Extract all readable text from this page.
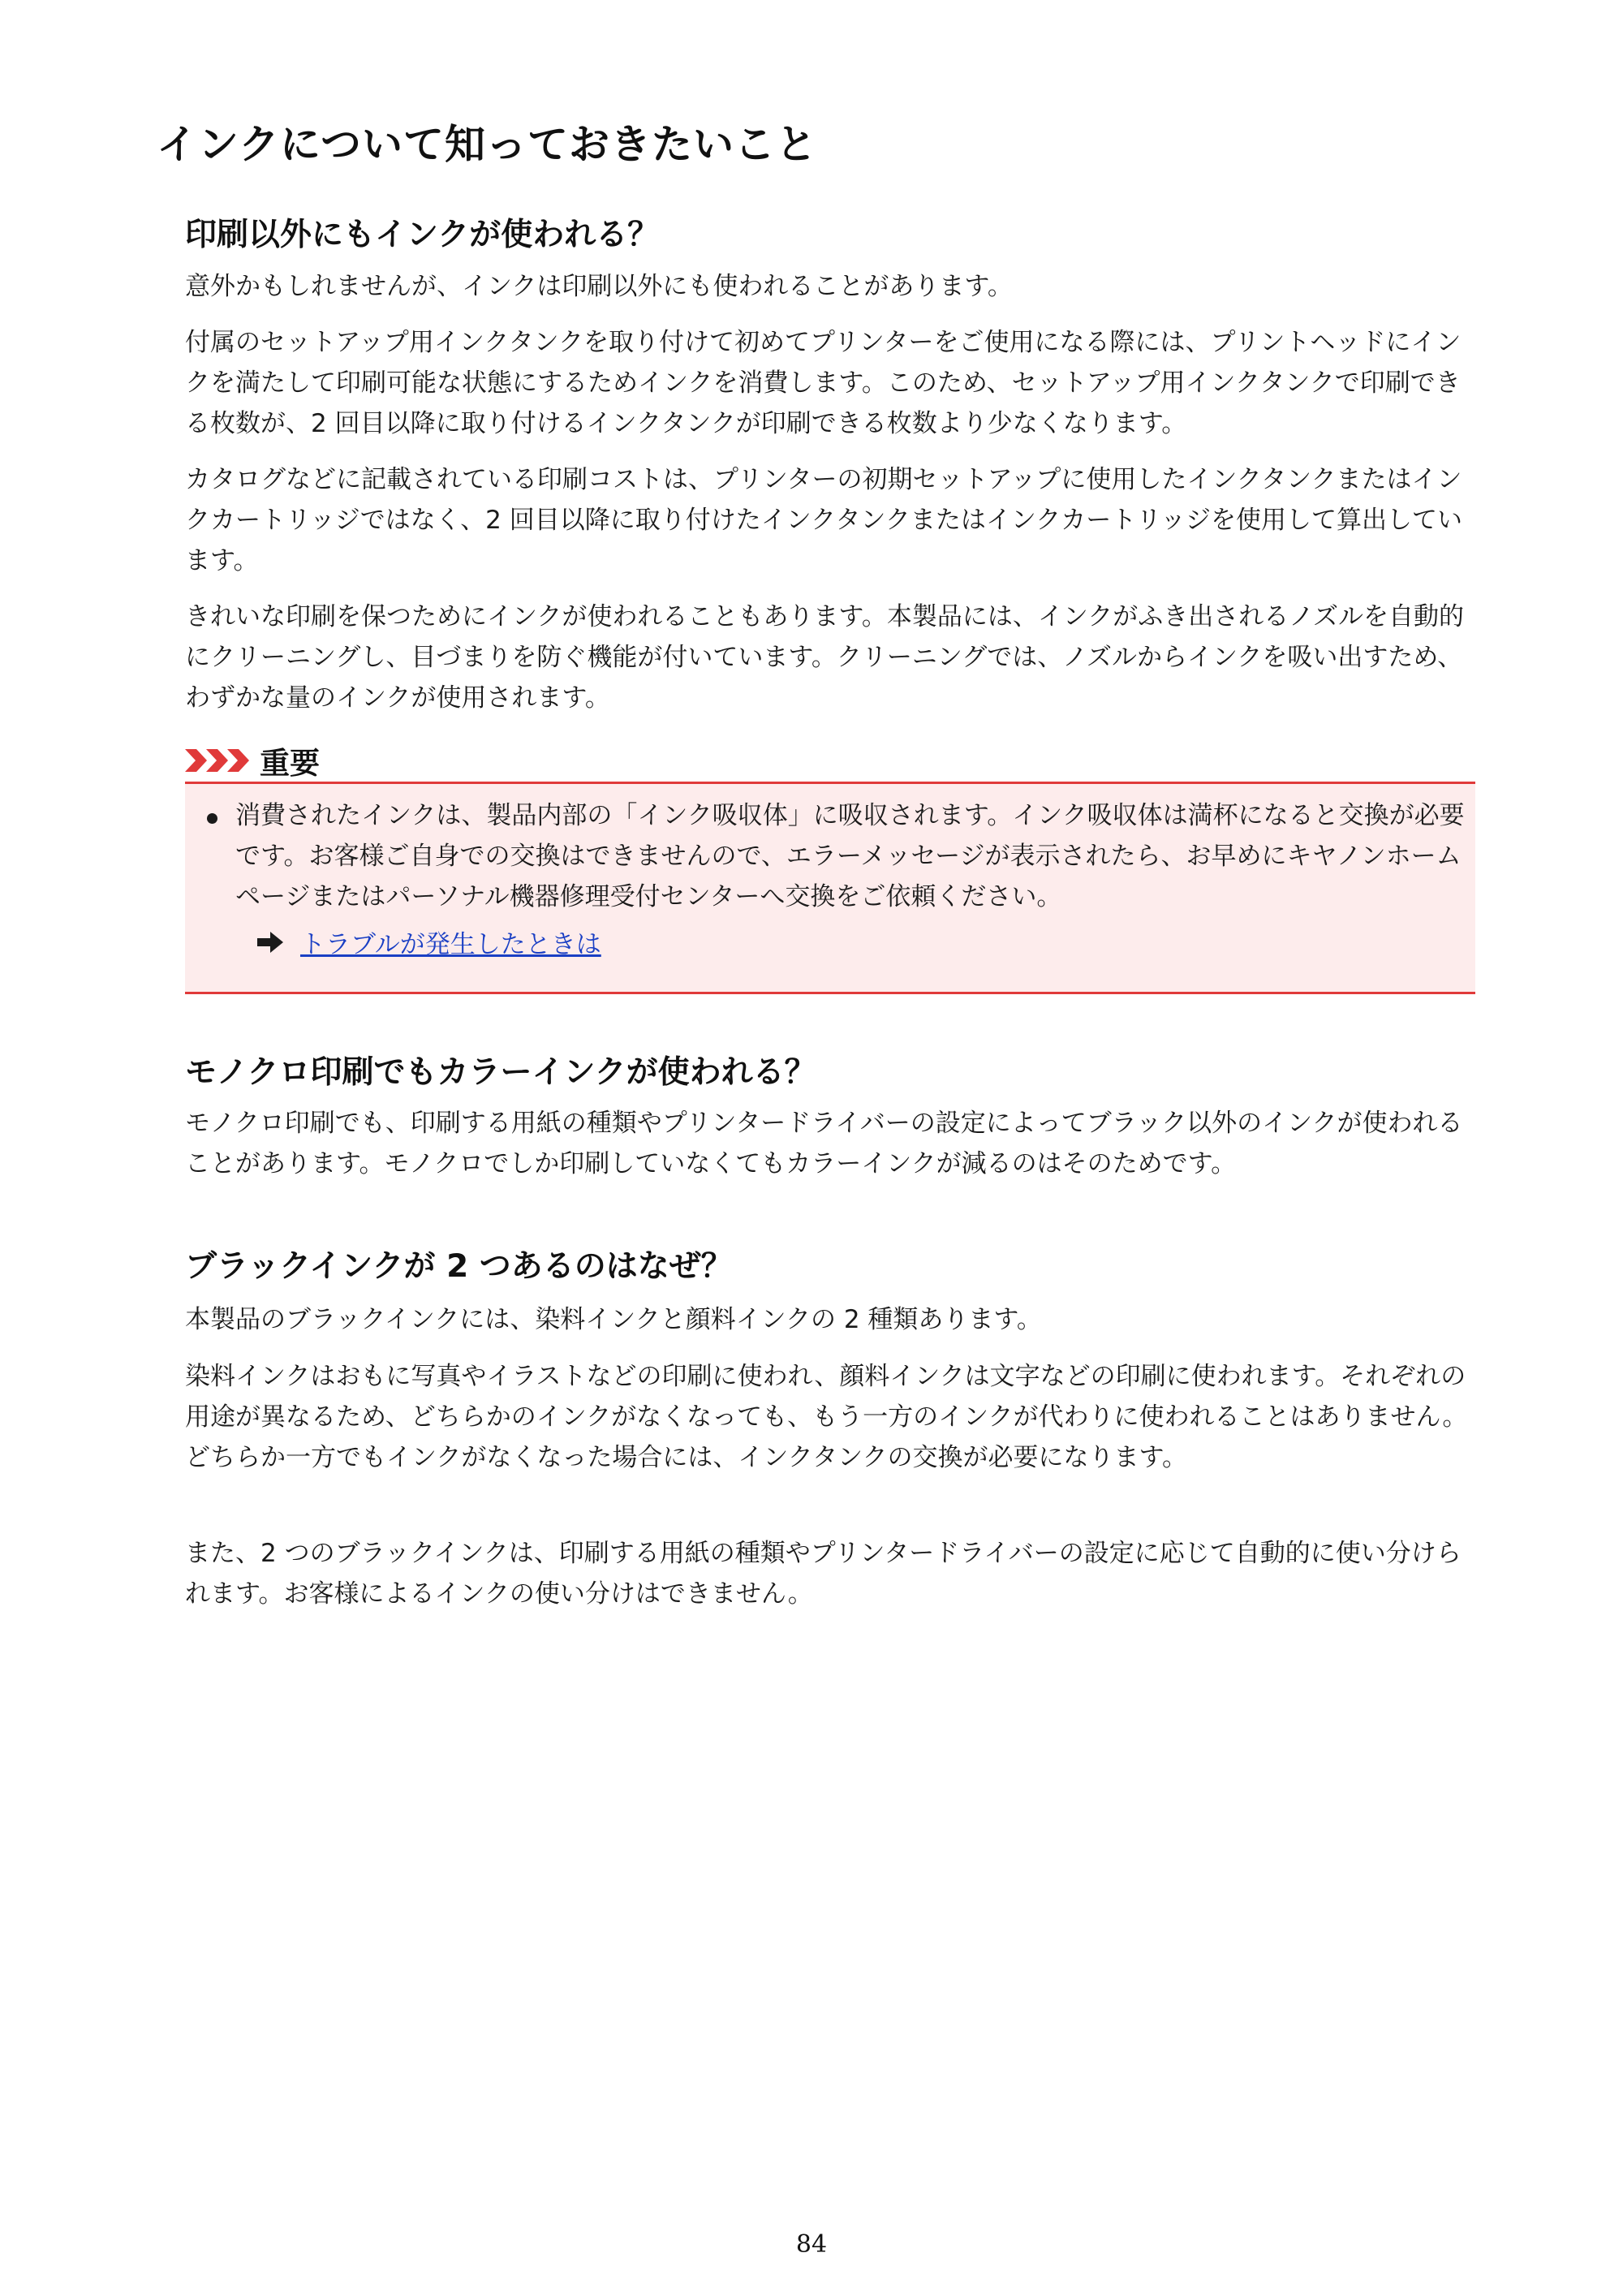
インクについて知っておきたいこと
印刷以外にもインクが使われる？

意外かもしれませんが、インクは印刷以外にも使われることがあります。

付属のセットアップ用インクタンクを取り付けて初めてプリンターをご使用になる際には、プリントヘッドにインクを満たして印刷可能な状態にするためインクを消費します。このため、セットアップ用インクタンクで印刷できる枚数が、2 回目以降に取り付けるインクタンクが印刷できる枚数より少なくなります。

カタログなどに記載されている印刷コストは、プリンターの初期セットアップに使用したインクタンクまたはインクカートリッジではなく、2 回目以降に取り付けたインクタンクまたはインクカートリッジを使用して算出しています。

きれいな印刷を保つためにインクが使われることもあります。本製品には、インクがふき出されるノズルを自動的にクリーニングし、目づまりを防ぐ機能が付いています。クリーニングでは、ノズルからインクを吸い出すため、わずかな量のインクが使用されます。

重要

消費されたインクは、製品内部の「インク吸収体」に吸収されます。インク吸収体は満杯になると交換が必要です。お客様ご自身での交換はできませんので、エラーメッセージが表示されたら、お早めにキヤノンホームページまたはパーソナル機器修理受付センターへ交換をご依頼ください。

トラブルが発生したときは
モノクロ印刷でもカラーインクが使われる？

モノクロ印刷でも、印刷する用紙の種類やプリンタードライバーの設定によってブラック以外のインクが使われることがあります。モノクロでしか印刷していなくてもカラーインクが減るのはそのためです。

ブラックインクが 2 つあるのはなぜ？

本製品のブラックインクには、染料インクと顔料インクの 2 種類あります。

染料インクはおもに写真やイラストなどの印刷に使われ、顔料インクは文字などの印刷に使われます。それぞれの用途が異なるため、どちらかのインクがなくなっても、もう一方のインクが代わりに使われることはありません。どちらか一方でもインクがなくなった場合には、インクタンクの交換が必要になります。

また、2 つのブラックインクは、印刷する用紙の種類やプリンタードライバーの設定に応じて自動的に使い分けられます。お客様によるインクの使い分けはできません。

84
